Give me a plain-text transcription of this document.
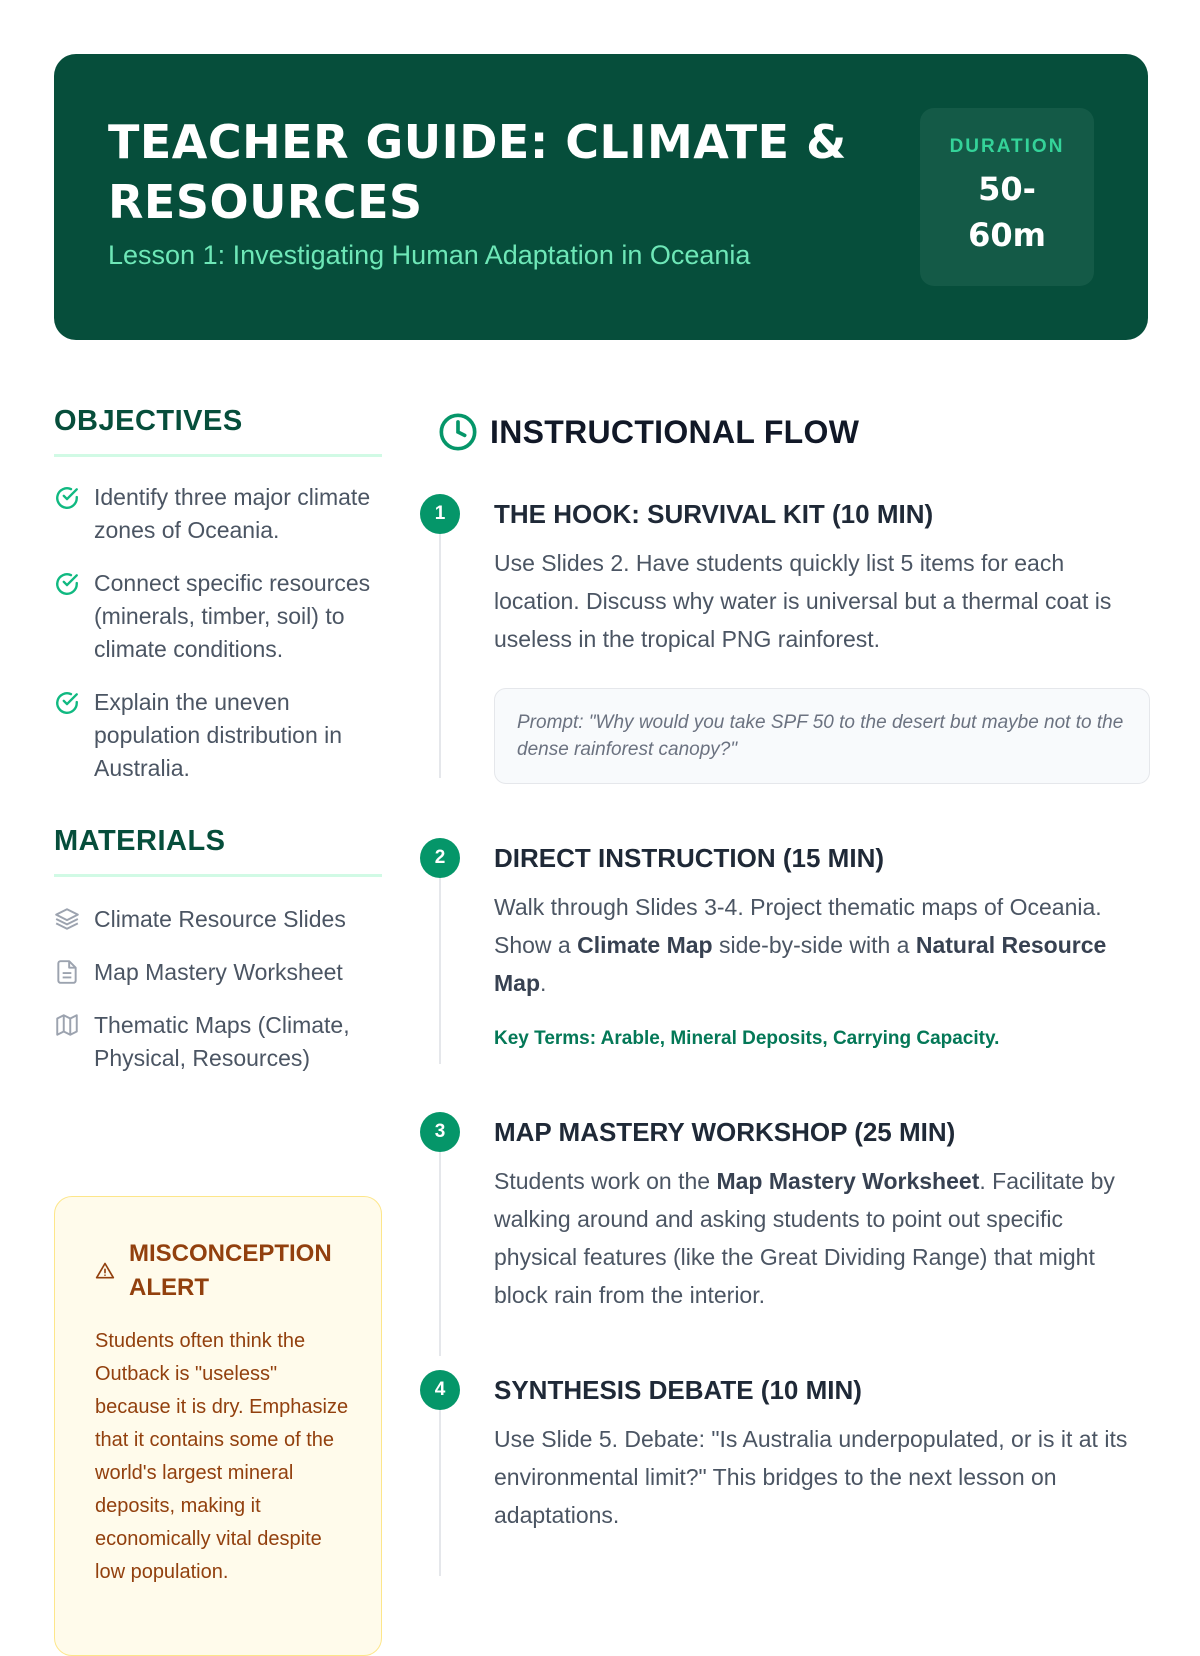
TEACHER GUIDE: CLIMATE & RESOURCES

Lesson 1: Investigating Human Adaptation in Oceania

DURATION
50-60m
OBJECTIVES
Identify three major climate zones of Oceania.
Connect specific resources (minerals, timber, soil) to climate conditions.
Explain the uneven population distribution in Australia.
MATERIALS
Climate Resource Slides
Map Mastery Worksheet
Thematic Maps (Climate, Physical, Resources)
MISCONCEPTION ALERT

Students often think the Outback is "useless" because it is dry. Emphasize that it contains some of the world's largest mineral deposits, making it economically vital despite low population.

INSTRUCTIONAL FLOW
1	THE HOOK: SURVIVAL KIT (10 MIN)

Use Slides 2. Have students quickly list 5 items for each location. Discuss why water is universal but a thermal coat is useless in the tropical PNG rainforest.

Prompt: "Why would you take SPF 50 to the desert but maybe not to the dense rainforest canopy?"
2	DIRECT INSTRUCTION (15 MIN)

Walk through Slides 3-4. Project thematic maps of Oceania. Show a Climate Map side-by-side with a Natural Resource Map.

Key Terms: Arable, Mineral Deposits, Carrying Capacity.
3	MAP MASTERY WORKSHOP (25 MIN)

Students work on the Map Mastery Worksheet. Facilitate by walking around and asking students to point out specific physical features (like the Great Dividing Range) that might block rain from the interior.

4	SYNTHESIS DEBATE (10 MIN)

Use Slide 5. Debate: "Is Australia underpopulated, or is it at its environmental limit?" This bridges to the next lesson on adaptations.
